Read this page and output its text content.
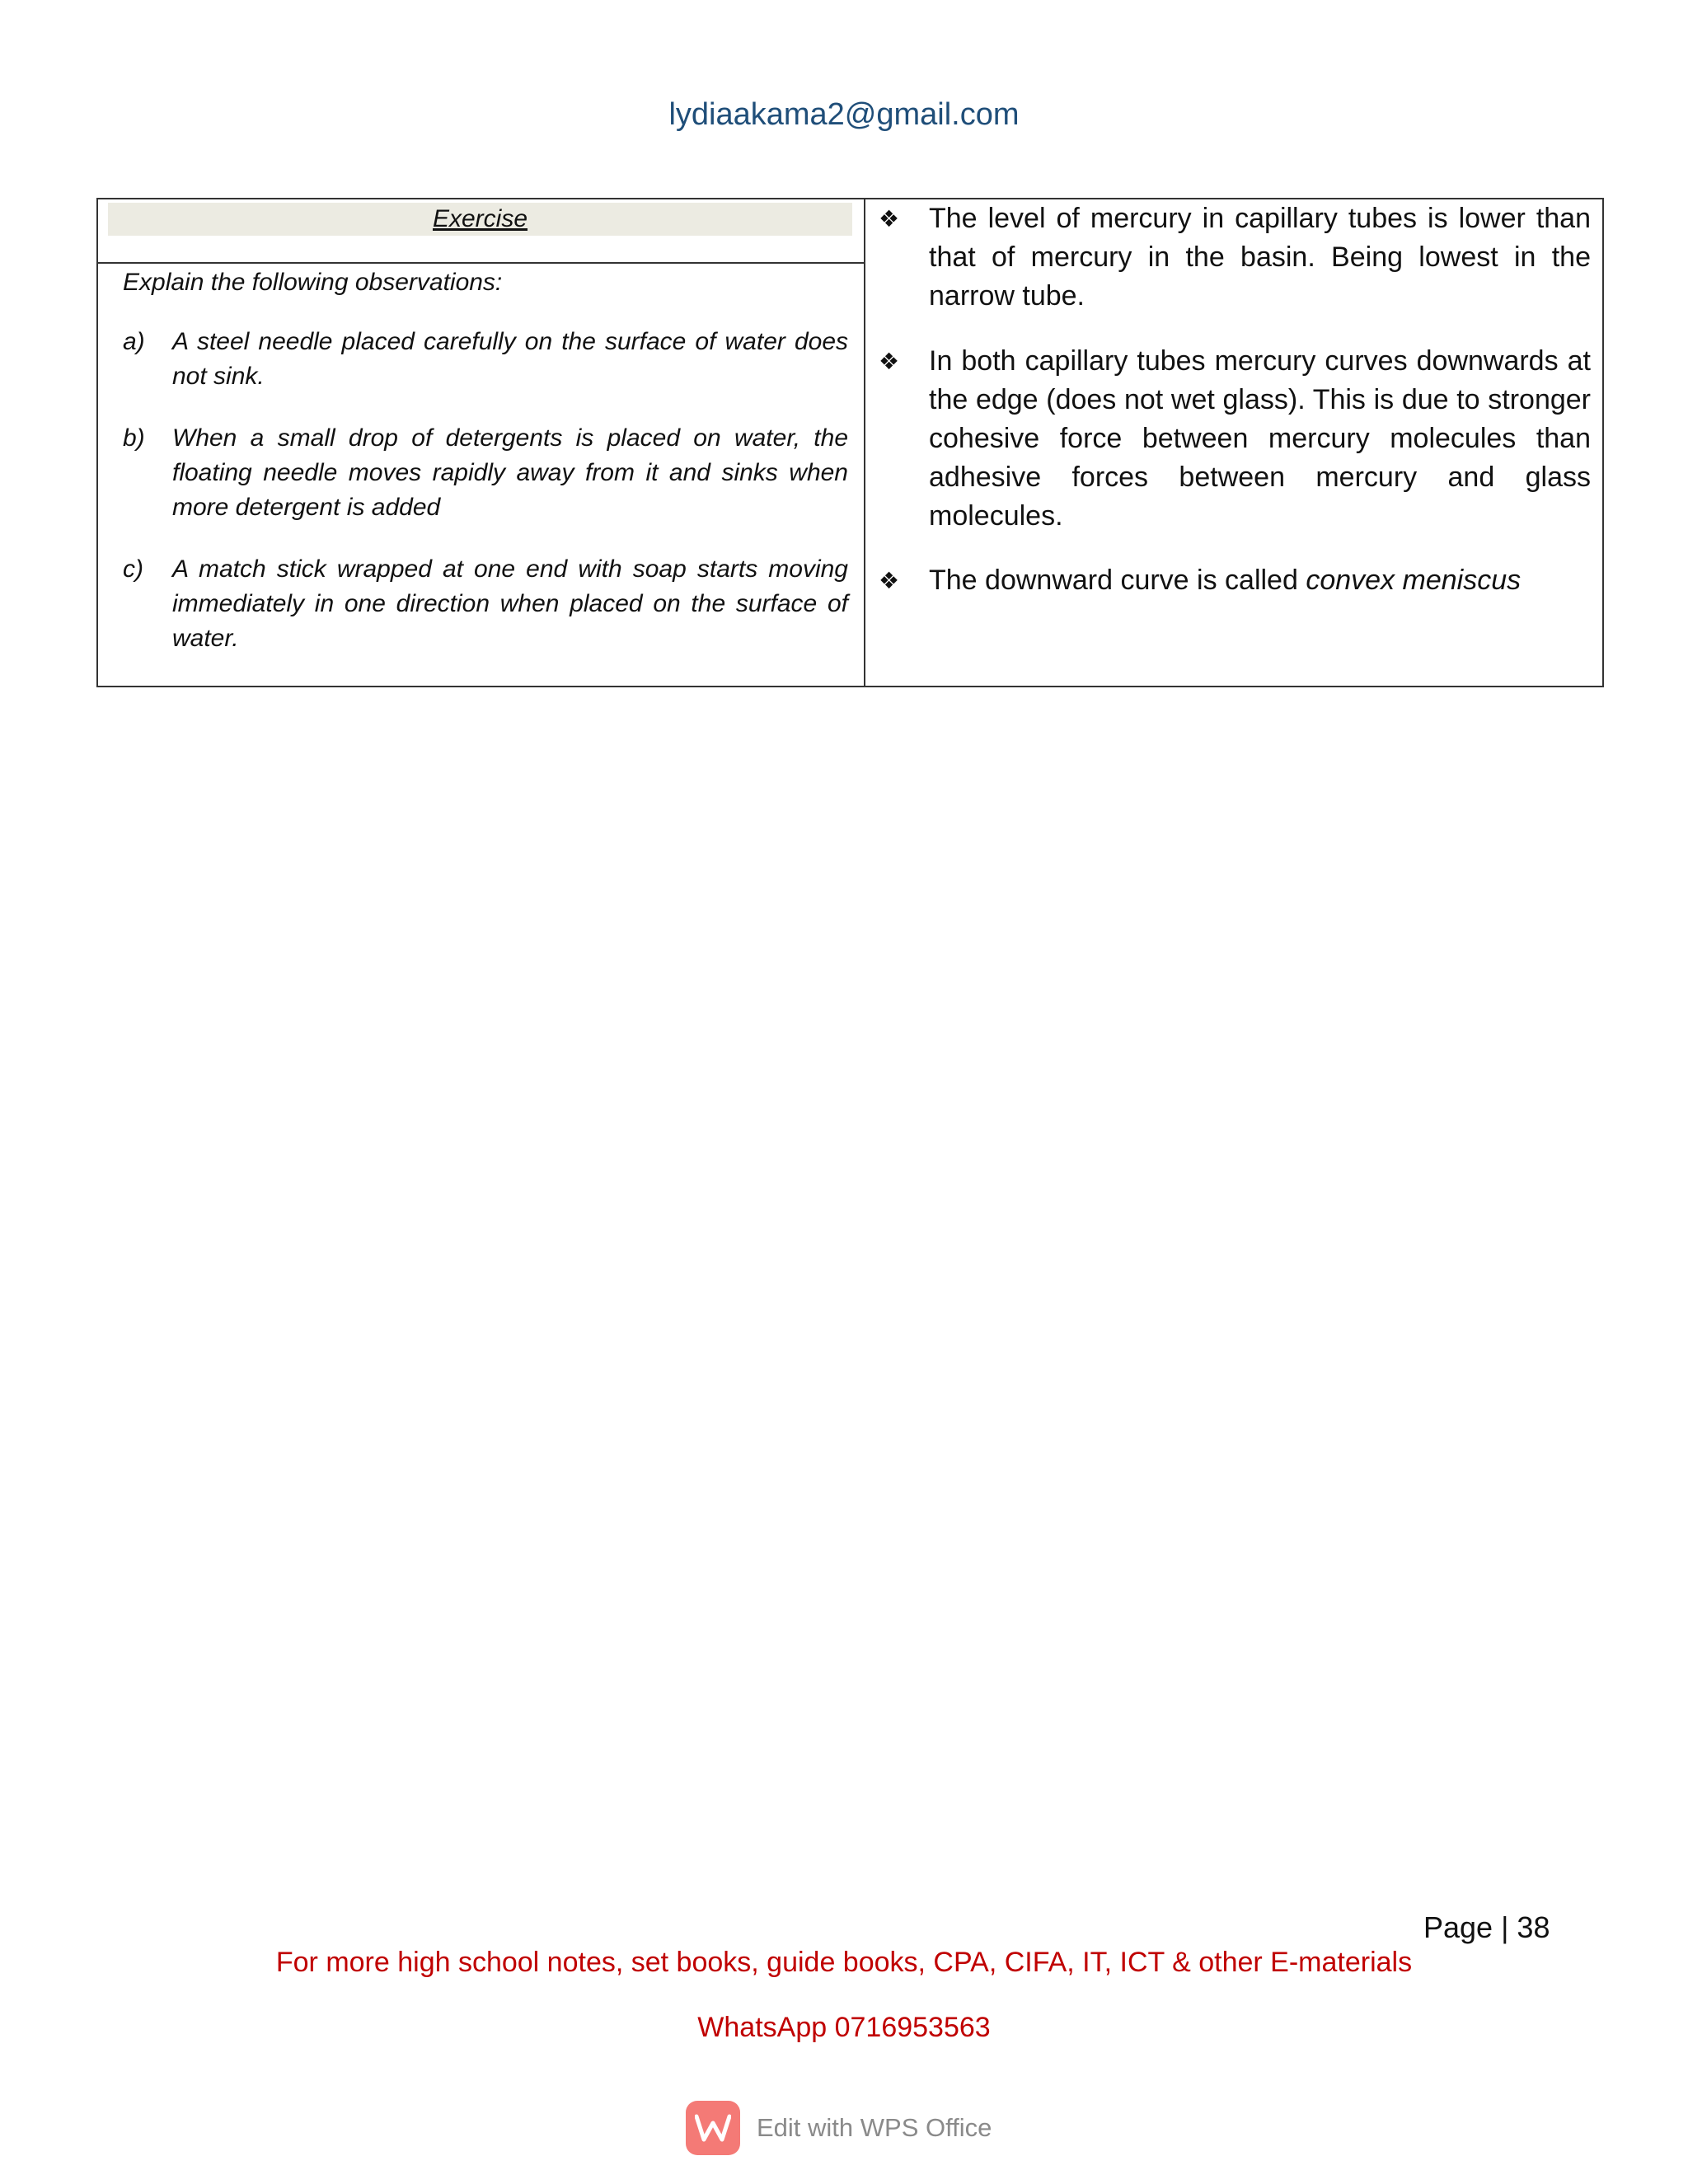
lydiaakama2@gmail.com
Exercise
Explain the following observations:
a) A steel needle placed carefully on the surface of water does not sink.
b) When a small drop of detergents is placed on water, the floating needle moves rapidly away from it and sinks when more detergent is added
c) A match stick wrapped at one end with soap starts moving immediately in one direction when placed on the surface of water.
❖ The level of mercury in capillary tubes is lower than that of mercury in the basin. Being lowest in the narrow tube.
❖ In both capillary tubes mercury curves downwards at the edge (does not wet glass). This is due to stronger cohesive force between mercury molecules than adhesive forces between mercury and glass molecules.
❖ The downward curve is called convex meniscus
Page | 38
For more high school notes, set books, guide books, CPA, CIFA, IT, ICT & other E-materials
WhatsApp 0716953563
Edit with WPS Office
